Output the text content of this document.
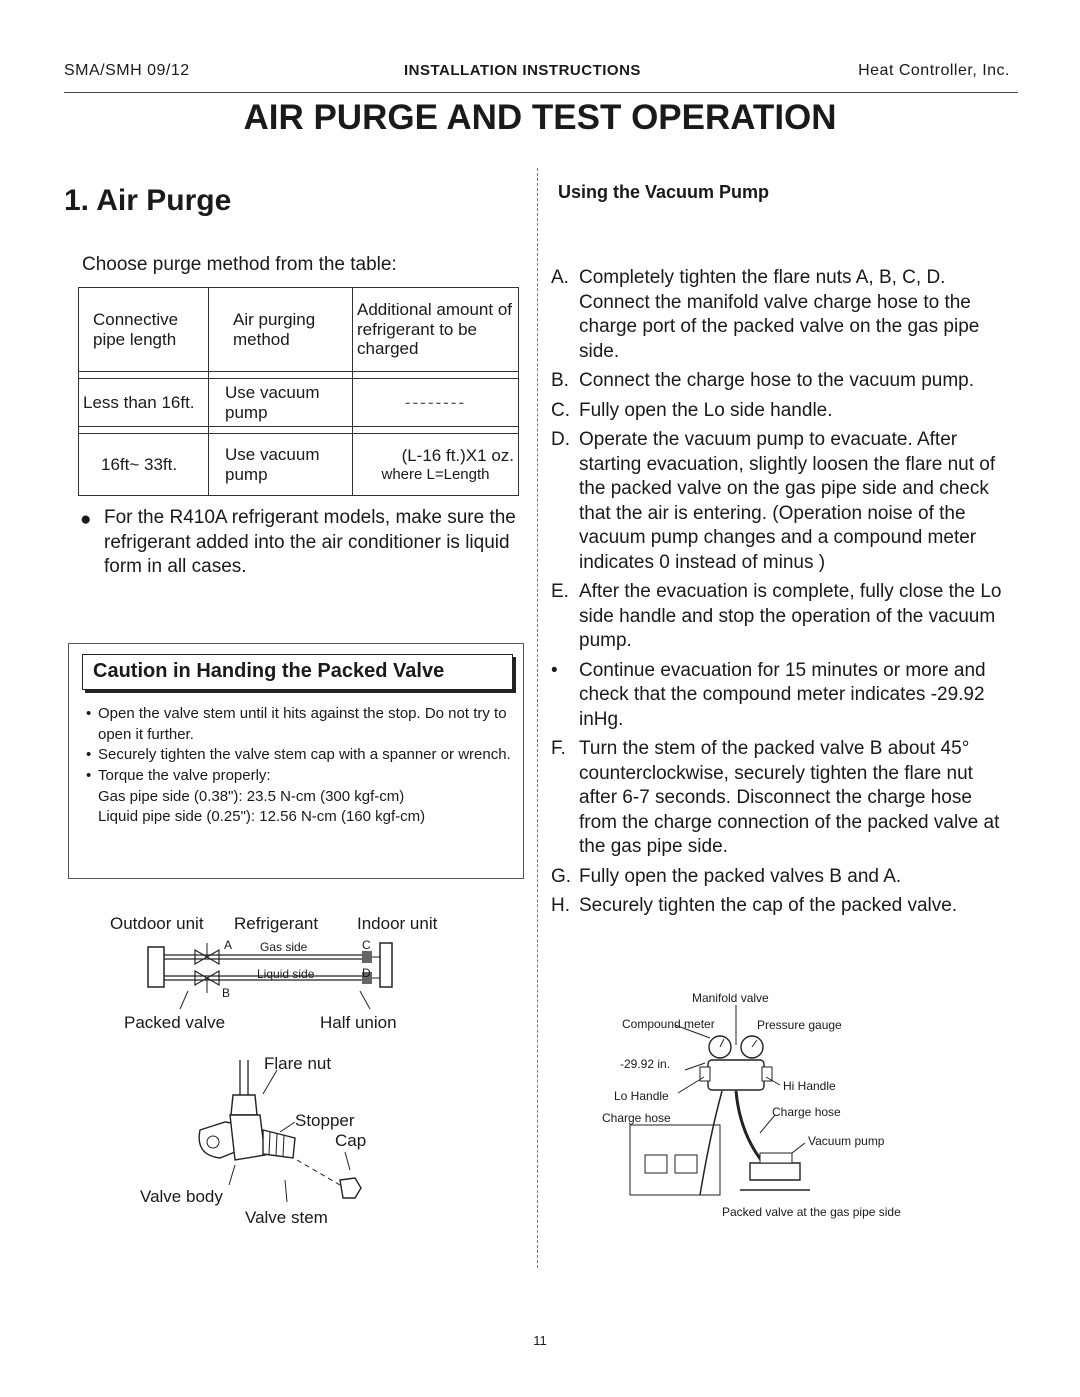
SMA/SMH 09/12	INSTALLATION INSTRUCTIONS	Heat Controller, Inc.
AIR PURGE AND TEST OPERATION
1. Air Purge
Choose purge method from the table:
Connective pipe length	Air purging method	Additional amount of refrigerant to be charged

Less than 16ft.	Use vacuum pump	--------

16ft~ 33ft.	Use vacuum pump	(L-16 ft.)X1 oz.
where L=Length
● For the R410A refrigerant models, make sure the refrigerant added into the air conditioner is liquid form in all cases.

Caution in Handing the Packed Valve
• Open the valve stem until it hits against the stop. Do not try to open it further.
• Securely tighten the valve stem cap with a spanner or wrench.
• Torque the valve properly:
Gas pipe side (0.38"): 23.5 N-cm (300 kgf-cm)
Liquid pipe side (0.25"): 12.56 N-cm (160 kgf-cm)
Outdoor unit Refrigerant Indoor unit
A Gas side	C
Liquid side	D
B
Packed valve	Half union
Flare nut
Stopper
Cap
Valve body
Valve stem
Using the Vacuum Pump
A. Completely tighten the flare nuts A, B, C, D. Connect the manifold valve charge hose to the charge port of the packed valve on the gas pipe side.
B. Connect the charge hose to the vacuum pump.
C. Fully open the Lo side handle.
D. Operate the vacuum pump to evacuate. After starting evacuation, slightly loosen the flare nut of the packed valve on the gas pipe side and check that the air is entering. (Operation noise of the vacuum pump changes and a compound meter indicates 0 instead of minus )
E. After the evacuation is complete, fully close the Lo side handle and stop the operation of the vacuum pump.
• Continue evacuation for 15 minutes or more and check that the compound meter indicates -29.92 inHg.
F. Turn the stem of the packed valve B about 45° counterclockwise, securely tighten the flare nut after 6-7 seconds. Disconnect the charge hose from the charge connection of the packed valve at the gas pipe side.
G. Fully open the packed valves B and A.
H. Securely tighten the cap of the packed valve.
Manifold valve
Compound meter	Pressure gauge
-29.92 in.
Lo Handle
Hi Handle
Charge hose	Charge hose
Vacuum pump
Packed valve at the gas pipe side
11
